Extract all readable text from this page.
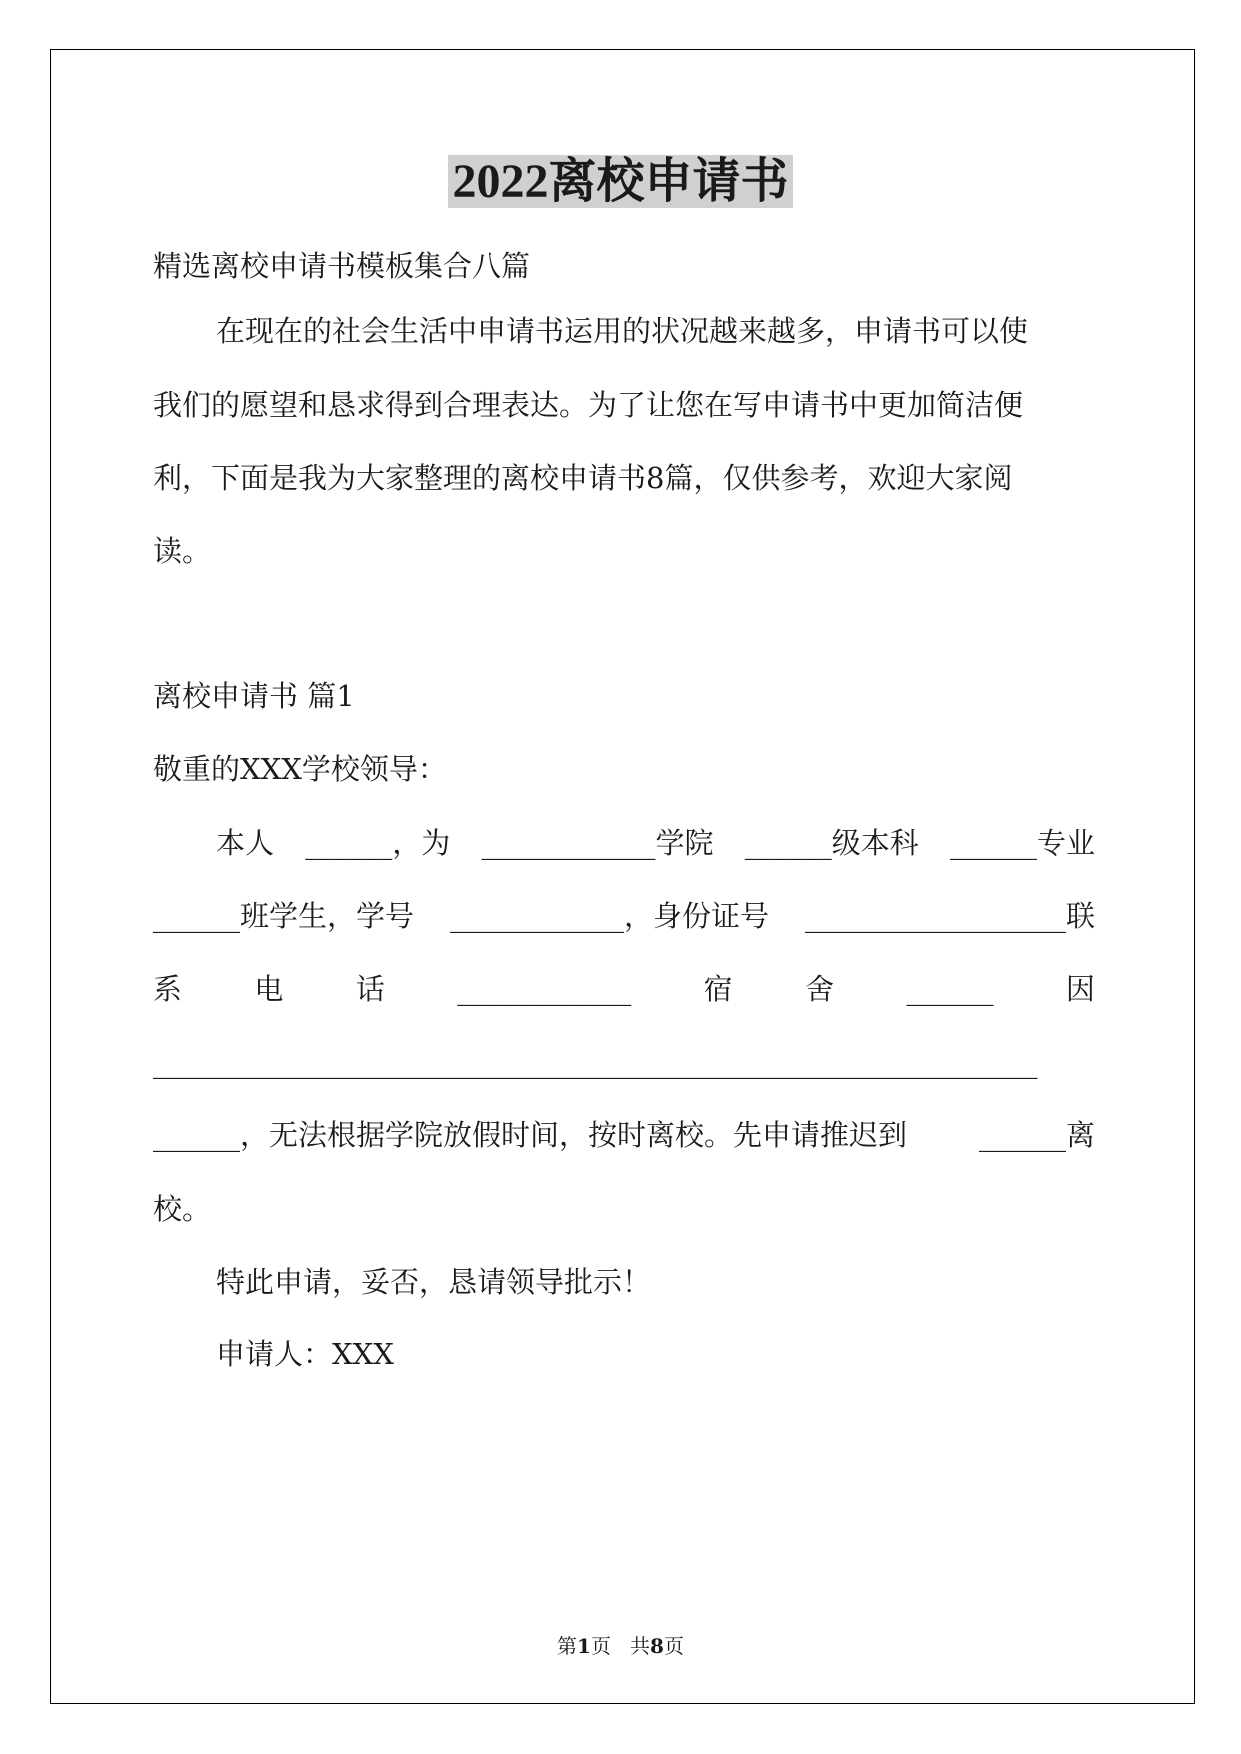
2022离校申请书
精选离校申请书模板集合八篇
在现在的社会生活中申请书运用的状况越来越多，申请书可以使
我们的愿望和恳求得到合理表达。为了让您在写申请书中更加简洁便
利，下面是我为大家整理的离校申请书8篇，仅供参考，欢迎大家阅
读。
离校申请书 篇1
敬重的XXX学校领导：
本人 ______，为 ____________学院 ______级本科 ______专业
______班学生，学号 ____________，身份证号 __________________联
系 电 话 ____________ 宿 舍 ______ 因
_____________________________________________________________
______，无法根据学院放假时间，按时离校。先申请推迟到 ______离
校。
特此申请，妥否，恳请领导批示！
申请人：XXX
第1页 共8页
